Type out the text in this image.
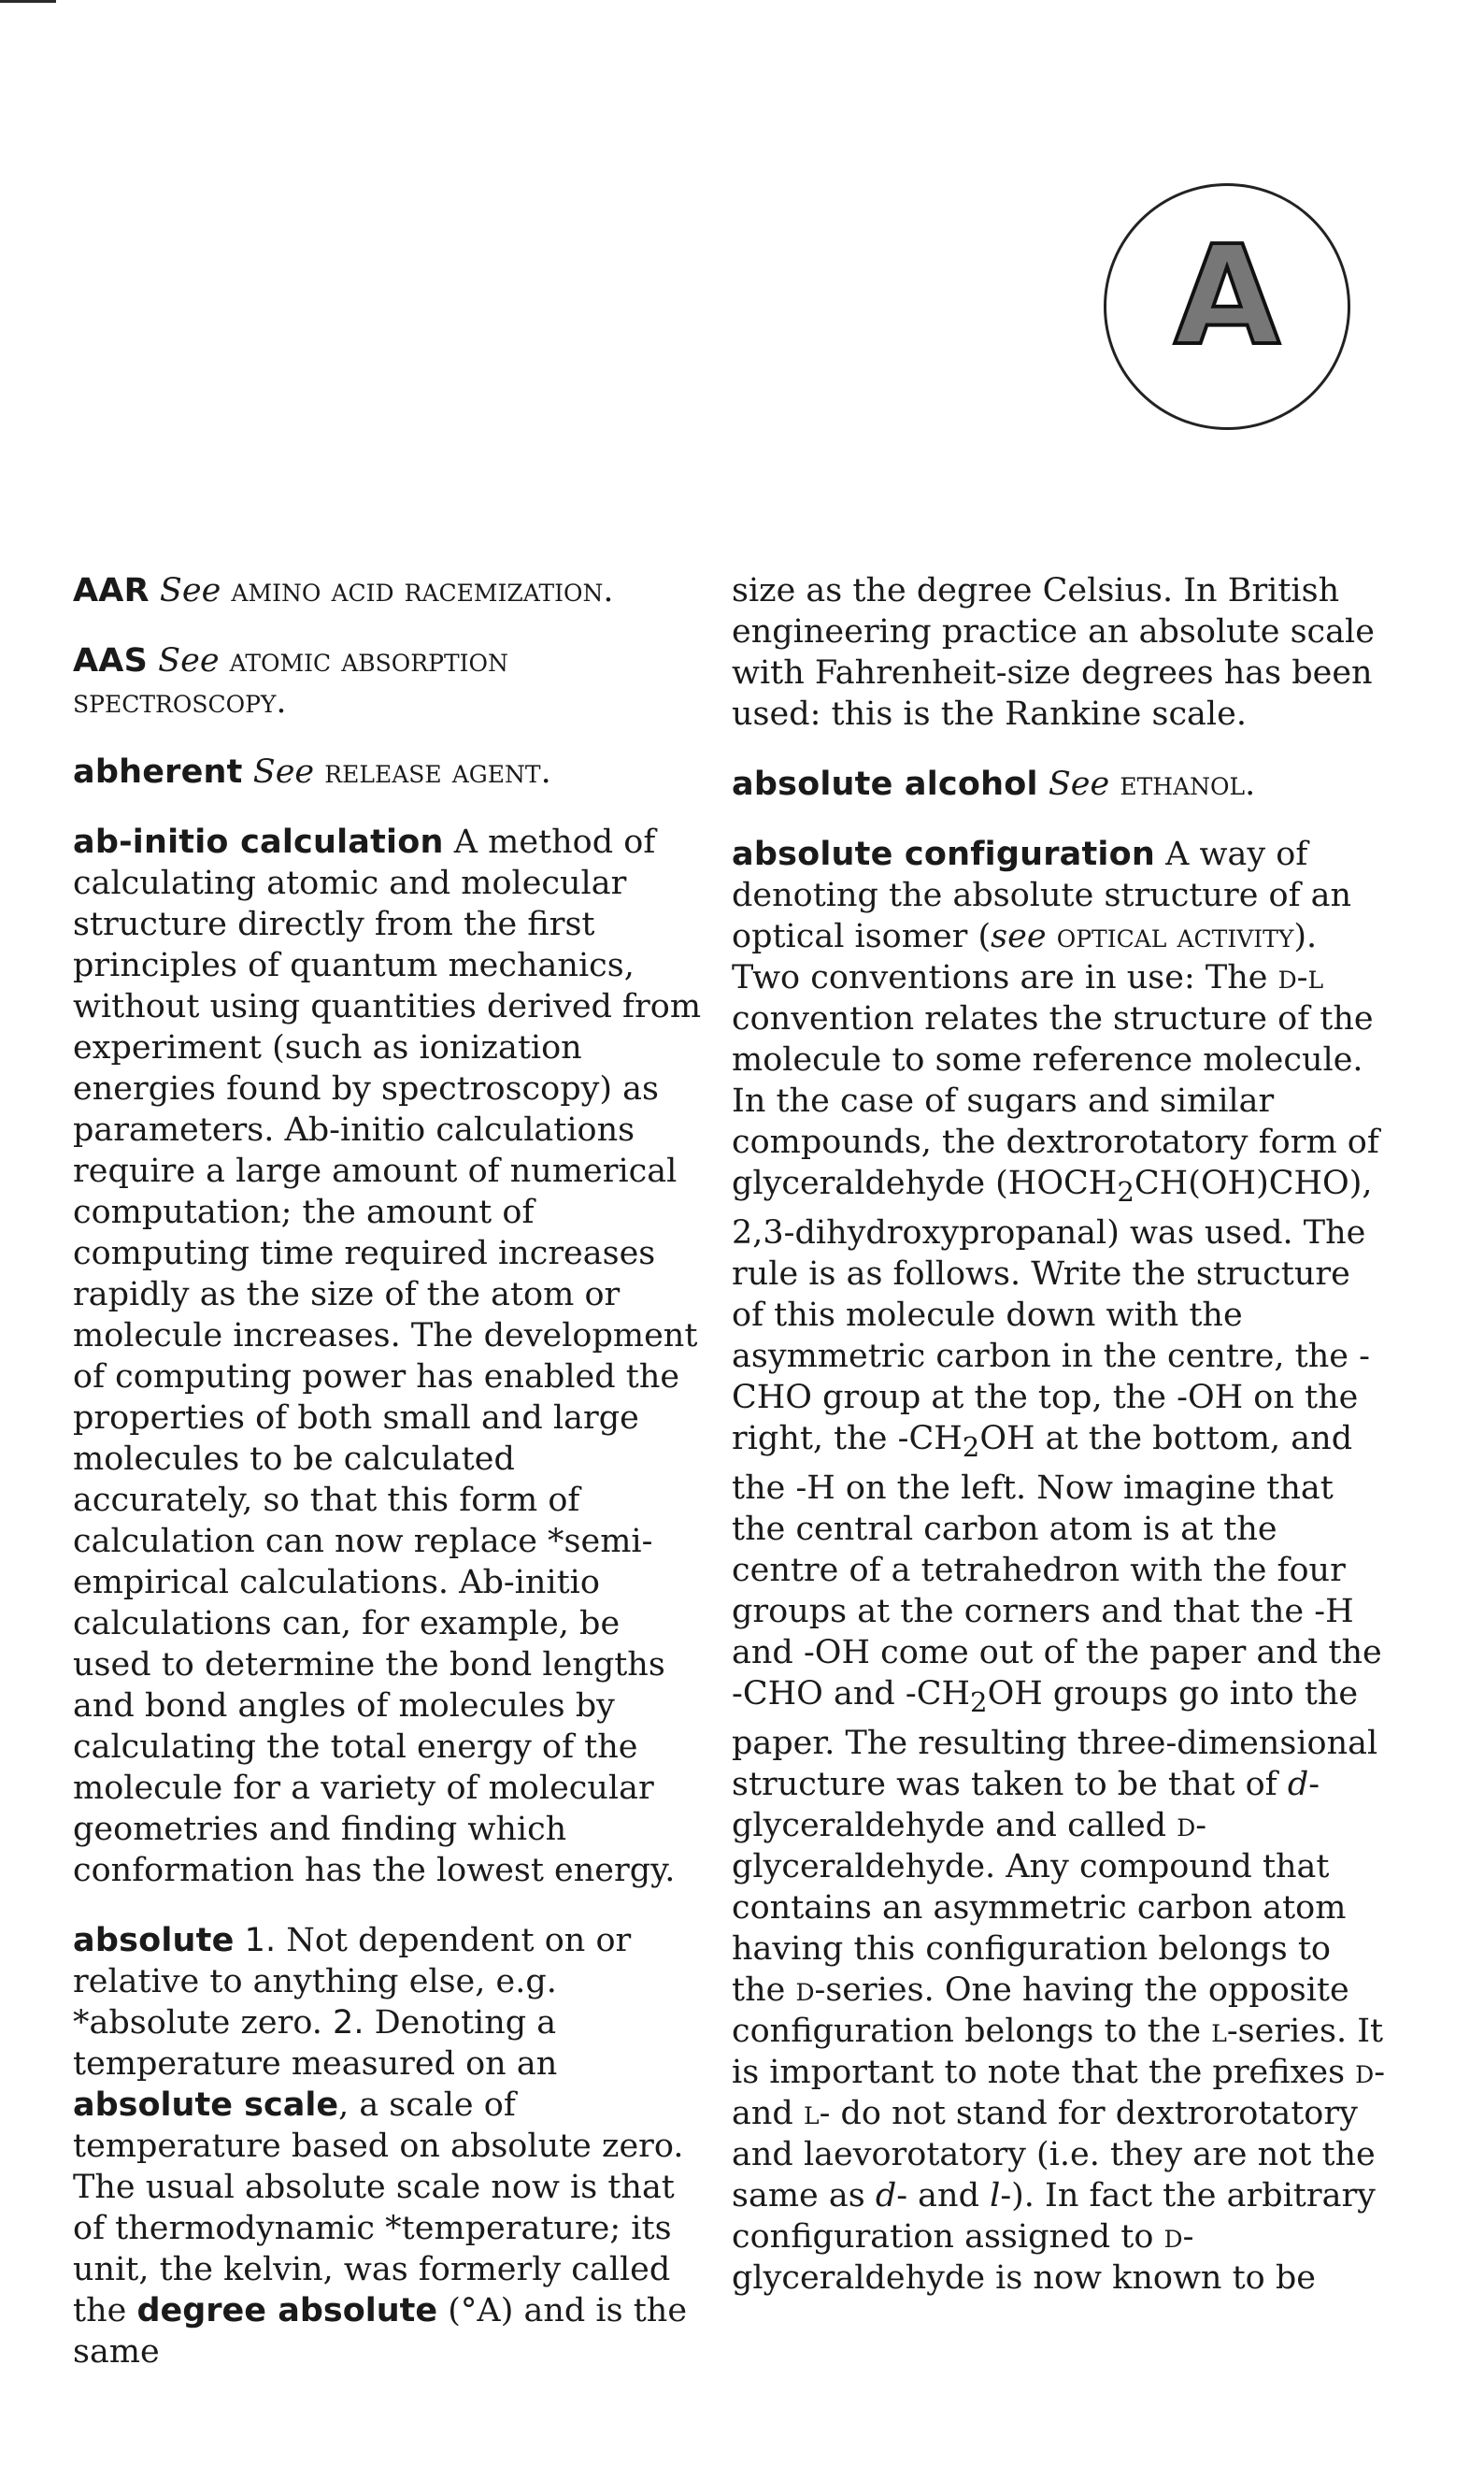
A

AAR See amino acid racemization.

AAS See atomic absorption spectroscopy.

abherent See release agent.

ab-initio calculation A method of calculating atomic and molecular structure directly from the first principles of quantum mechanics, without using quantities derived from experiment (such as ionization energies found by spectroscopy) as parameters. Ab-initio calculations require a large amount of numerical computation; the amount of computing time required increases rapidly as the size of the atom or molecule increases. The development of computing power has enabled the properties of both small and large molecules to be calculated accurately, so that this form of calculation can now replace *semi-empirical calculations. Ab-initio calculations can, for example, be used to determine the bond lengths and bond angles of molecules by calculating the total energy of the molecule for a variety of molecular geometries and finding which conformation has the lowest energy.

absolute 1. Not dependent on or relative to anything else, e.g. *absolute zero. 2. Denoting a temperature measured on an absolute scale, a scale of temperature based on absolute zero. The usual absolute scale now is that of thermodynamic *temperature; its unit, the kelvin, was formerly called the degree absolute (°A) and is the same

size as the degree Celsius. In British engineering practice an absolute scale with Fahrenheit-size degrees has been used: this is the Rankine scale.

absolute alcohol See ethanol.

absolute configuration A way of denoting the absolute structure of an optical isomer (see optical activity). Two conventions are in use: The d-l convention relates the structure of the molecule to some reference molecule. In the case of sugars and similar compounds, the dextrorotatory form of glyceraldehyde $(HOCH_2CH(OH)CHO)$, 2,3-dihydroxypropanal) was used. The rule is as follows. Write the structure of this molecule down with the asymmetric carbon in the centre, the -CHO group at the top, the -OH on the right, the $-CH_2OH$ at the bottom, and the -H on the left. Now imagine that the central carbon atom is at the centre of a tetrahedron with the four groups at the corners and that the -H and -OH come out of the paper and the -CHO and $-CH_2OH$ groups go into the paper. The resulting three-dimensional structure was taken to be that of d-glyceraldehyde and called d-glyceraldehyde. Any compound that contains an asymmetric carbon atom having this configuration belongs to the d-series. One having the opposite configuration belongs to the l-series. It is important to note that the prefixes d- and l- do not stand for dextrorotatory and laevorotatory (i.e. they are not the same as d- and l-). In fact the arbitrary configuration assigned to d-glyceraldehyde is now known to be
